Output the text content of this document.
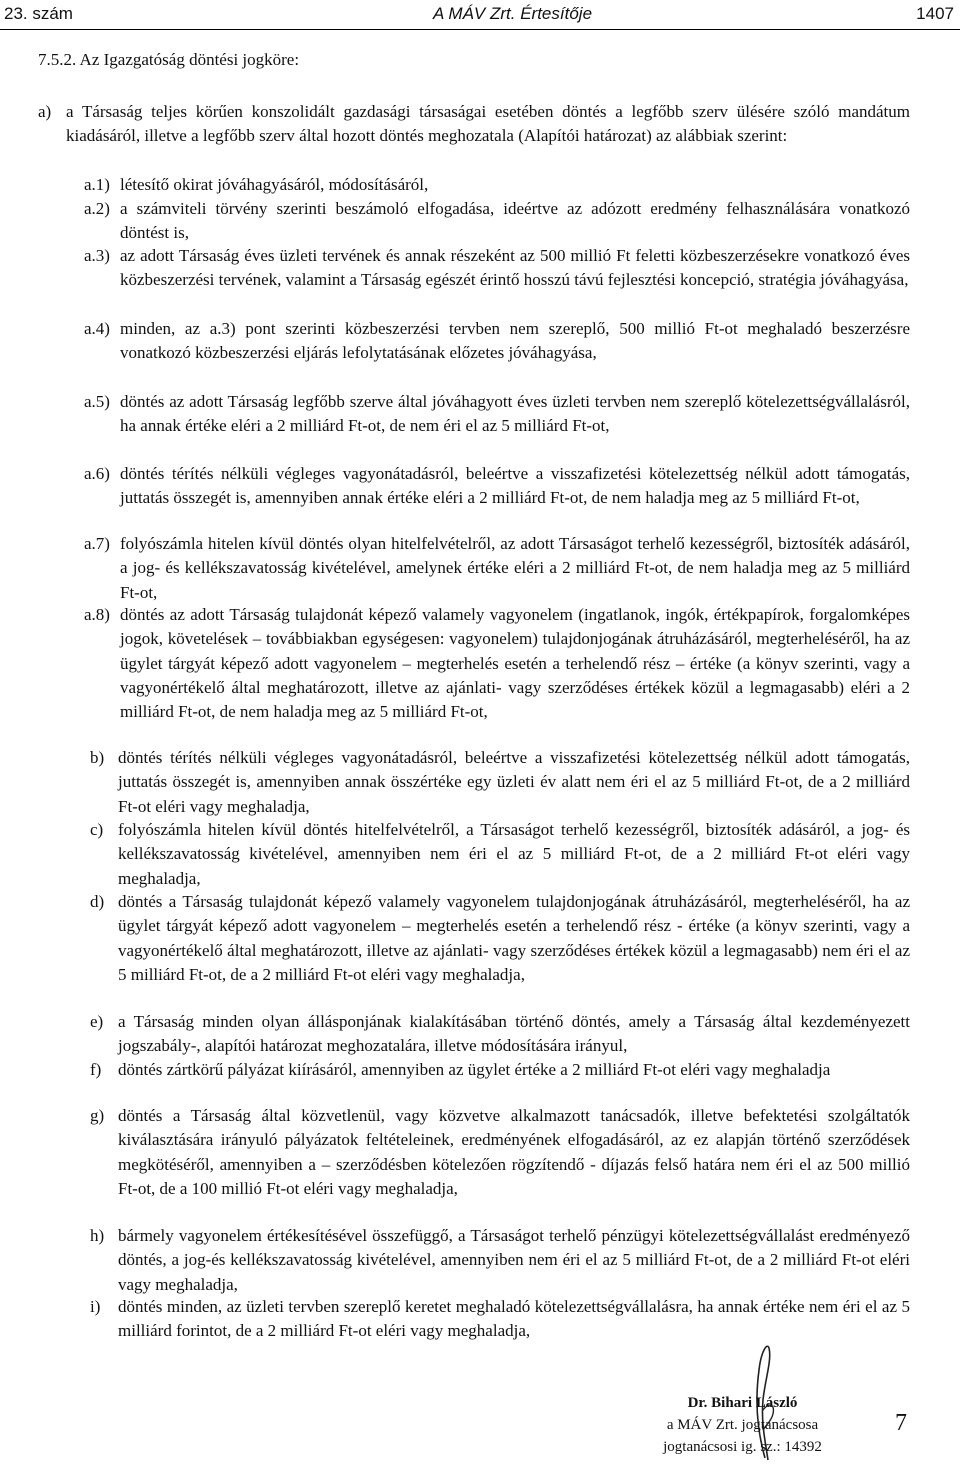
23. szám	A MÁV Zrt. Értesítője	1407
7.5.2. Az Igazgatóság döntési jogköre:
a) a Társaság teljes körűen konszolidált gazdasági társaságai esetében döntés a legfőbb szerv ülésére szóló mandátum kiadásáról, illetve a legfőbb szerv által hozott döntés meghozatala (Alapítói határozat) az alábbiak szerint:
a.1) létesítő okirat jóváhagyásáról, módosításáról,
a.2) a számviteli törvény szerinti beszámoló elfogadása, ideértve az adózott eredmény felhasználására vonatkozó döntést is,
a.3) az adott Társaság éves üzleti tervének és annak részeként az 500 millió Ft feletti közbeszerzésekre vonatkozó éves közbeszerzési tervének, valamint a Társaság egészét érintő hosszú távú fejlesztési koncepció, stratégia jóváhagyása,
a.4) minden, az a.3) pont szerinti közbeszerzési tervben nem szereplő, 500 millió Ft-ot meghaladó beszerzésre vonatkozó közbeszerzési eljárás lefolytatásának előzetes jóváhagyása,
a.5) döntés az adott Társaság legfőbb szerve által jóváhagyott éves üzleti tervben nem szereplő kötelezettségvállalásról, ha annak értéke eléri a 2 milliárd Ft-ot, de nem éri el az 5 milliárd Ft-ot,
a.6) döntés térítés nélküli végleges vagyonátadásról, beleértve a visszafizetési kötelezettség nélkül adott támogatás, juttatás összegét is, amennyiben annak értéke eléri a 2 milliárd Ft-ot, de nem haladja meg az 5 milliárd Ft-ot,
a.7) folyószámla hitelen kívül döntés olyan hitelfelvételről, az adott Társaságot terhelő kezességről, biztosíték adásáról, a jog- és kellékszavatosság kivételével, amelynek értéke eléri a 2 milliárd Ft-ot, de nem haladja meg az 5 milliárd Ft-ot,
a.8) döntés az adott Társaság tulajdonát képező valamely vagyonelem (ingatlanok, ingók, értékpapírok, forgalomképes jogok, követelések – továbbiakban egységesen: vagyonelem) tulajdonjogának átruházásáról, megterheléséről, ha az ügylet tárgyát képező adott vagyonelem – megterhelés esetén a terhelendő rész – értéke (a könyv szerinti, vagy a vagyonértékelő által meghatározott, illetve az ajánlati- vagy szerződéses értékek közül a legmagasabb) eléri a 2 milliárd Ft-ot, de nem haladja meg az 5 milliárd Ft-ot,
b) döntés térítés nélküli végleges vagyonátadásról, beleértve a visszafizetési kötelezettség nélkül adott támogatás, juttatás összegét is, amennyiben annak összértéke egy üzleti év alatt nem éri el az 5 milliárd Ft-ot, de a 2 milliárd Ft-ot eléri vagy meghaladja,
c) folyószámla hitelen kívül döntés hitelfelvételről, a Társaságot terhelő kezességről, biztosíték adásáról, a jog- és kellékszavatosság kivételével, amennyiben nem éri el az 5 milliárd Ft-ot, de a 2 milliárd Ft-ot eléri vagy meghaladja,
d) döntés a Társaság tulajdonát képező valamely vagyonelem tulajdonjogának átruházásáról, megterheléséről, ha az ügylet tárgyát képező adott vagyonelem – megterhelés esetén a terhelendő rész - értéke (a könyv szerinti, vagy a vagyonértékelő által meghatározott, illetve az ajánlati- vagy szerződéses értékek közül a legmagasabb) nem éri el az 5 milliárd Ft-ot, de a 2 milliárd Ft-ot eléri vagy meghaladja,
e) a Társaság minden olyan állásponjának kialakításában történő döntés, amely a Társaság által kezdeményezett jogszabály-, alapítói határozat meghozatalára, illetve módosítására irányul,
f) döntés zártkörű pályázat kiírásáról, amennyiben az ügylet értéke a 2 milliárd Ft-ot eléri vagy meghaladja
g) döntés a Társaság által közvetlenül, vagy közvetve alkalmazott tanácsadók, illetve befektetési szolgáltatók kiválasztására irányuló pályázatok feltételeinek, eredményének elfogadásáról, az ez alapján történő szerződések megkötéséről, amennyiben a – szerződésben kötelezően rögzítendő - díjazás felső határa nem éri el az 500 millió Ft-ot, de a 100 millió Ft-ot eléri vagy meghaladja,
h) bármely vagyonelem értékesítésével összefüggő, a Társaságot terhelő pénzügyi kötelezettségvállalást eredményező döntés, a jog-és kellékszavatosság kivételével, amennyiben nem éri el az 5 milliárd Ft-ot, de a 2 milliárd Ft-ot eléri vagy meghaladja,
i) döntés minden, az üzleti tervben szereplő keretet meghaladó kötelezettségvállalásra, ha annak értéke nem éri el az 5 milliárd forintot, de a 2 milliárd Ft-ot eléri vagy meghaladja,
Dr. Bihari László
a MÁV Zrt. jogtanácsosa
jogtanácsosi ig. sz.: 14392
7
